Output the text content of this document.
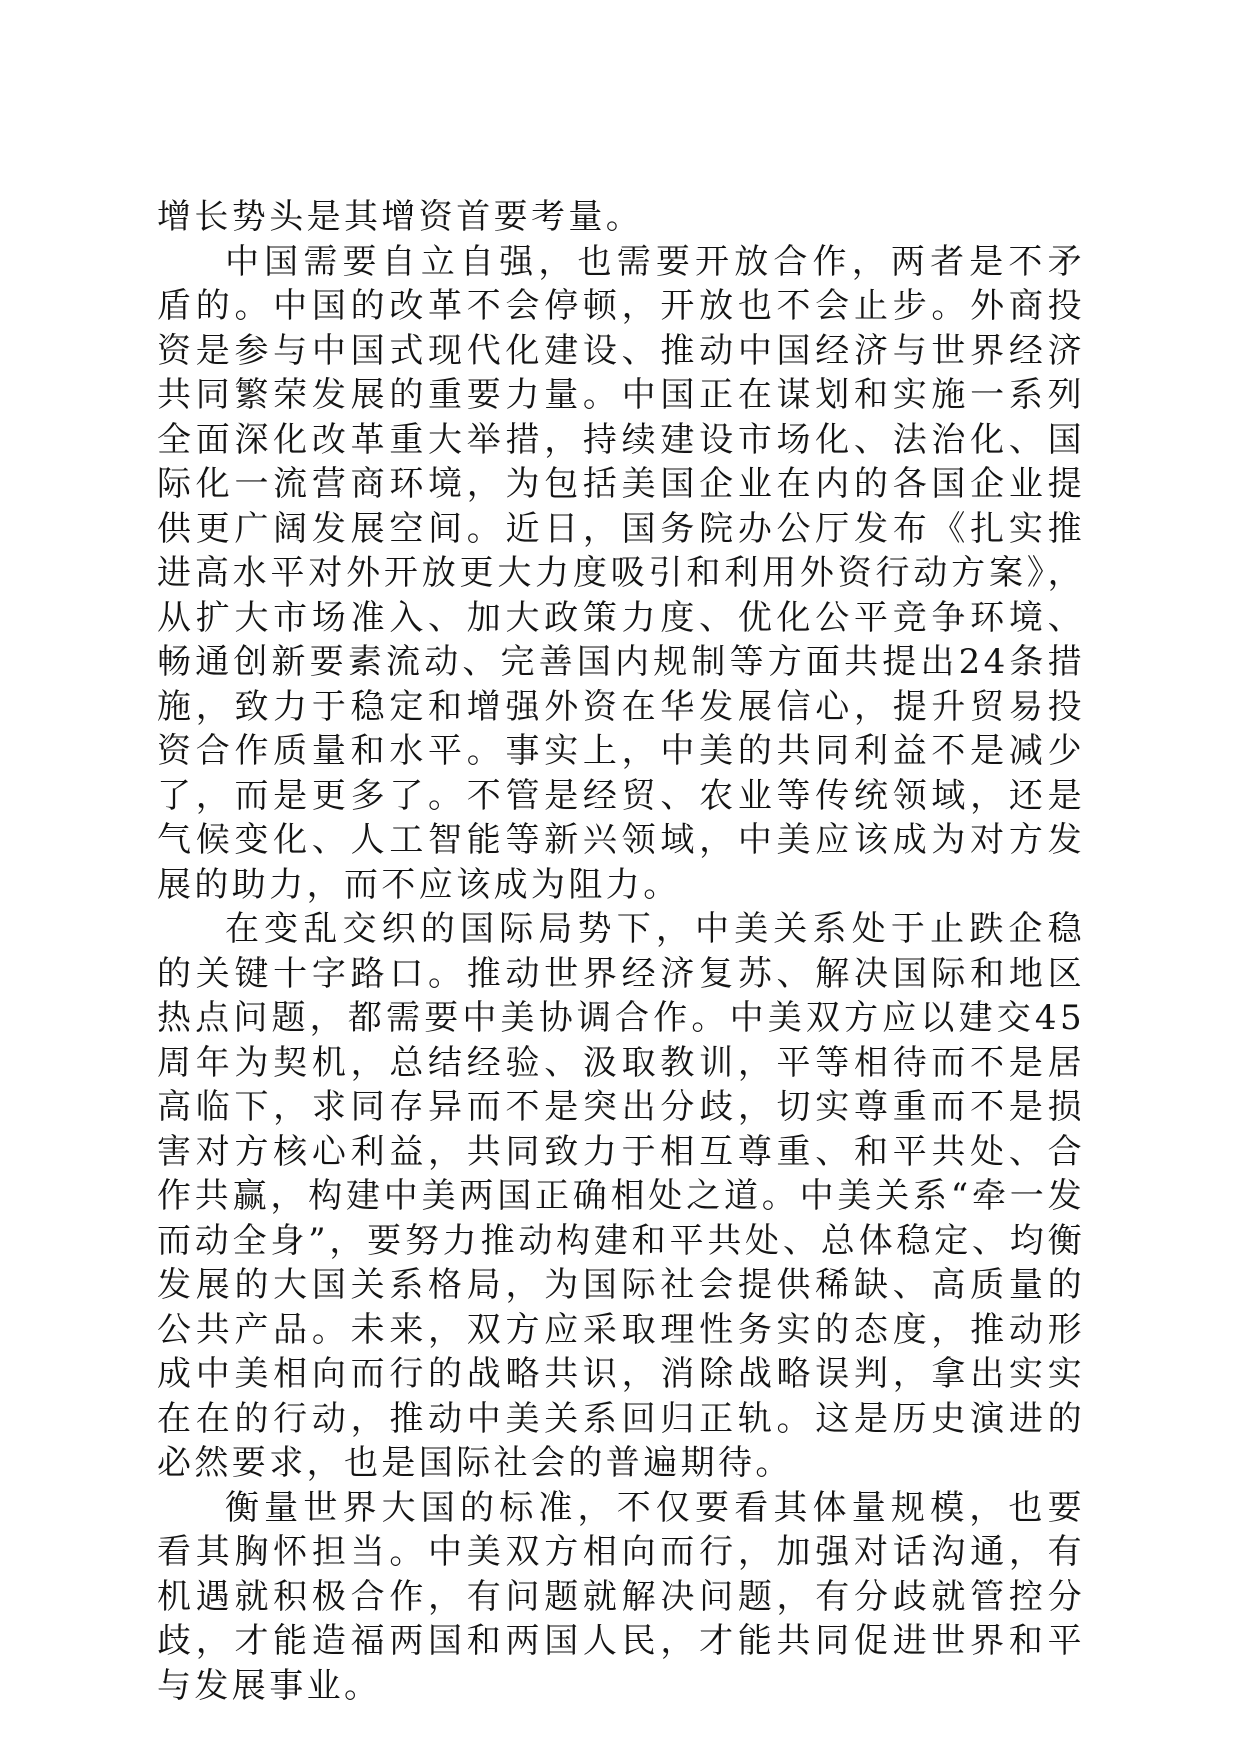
增长势头是其增资首要考量。

中国需要自立自强，也需要开放合作，两者是不矛盾的。中国的改革不会停顿，开放也不会止步。外商投资是参与中国式现代化建设、推动中国经济与世界经济共同繁荣发展的重要力量。中国正在谋划和实施一系列全面深化改革重大举措，持续建设市场化、法治化、国际化一流营商环境，为包括美国企业在内的各国企业提供更广阔发展空间。近日，国务院办公厅发布《扎实推进高水平对外开放更大力度吸引和利用外资行动方案》，从扩大市场准入、加大政策力度、优化公平竞争环境、畅通创新要素流动、完善国内规制等方面共提出24条措施，致力于稳定和增强外资在华发展信心，提升贸易投资合作质量和水平。事实上，中美的共同利益不是减少了，而是更多了。不管是经贸、农业等传统领域，还是气候变化、人工智能等新兴领域，中美应该成为对方发展的助力，而不应该成为阻力。

在变乱交织的国际局势下，中美关系处于止跌企稳的关键十字路口。推动世界经济复苏、解决国际和地区热点问题，都需要中美协调合作。中美双方应以建交45周年为契机，总结经验、汲取教训，平等相待而不是居高临下，求同存异而不是突出分歧，切实尊重而不是损害对方核心利益，共同致力于相互尊重、和平共处、合作共赢，构建中美两国正确相处之道。中美关系“牵一发而动全身”，要努力推动构建和平共处、总体稳定、均衡发展的大国关系格局，为国际社会提供稀缺、高质量的公共产品。未来，双方应采取理性务实的态度，推动形成中美相向而行的战略共识，消除战略误判，拿出实实在在的行动，推动中美关系回归正轨。这是历史演进的必然要求，也是国际社会的普遍期待。

衡量世界大国的标准，不仅要看其体量规模，也要看其胸怀担当。中美双方相向而行，加强对话沟通，有机遇就积极合作，有问题就解决问题，有分歧就管控分歧，才能造福两国和两国人民，才能共同促进世界和平与发展事业。
